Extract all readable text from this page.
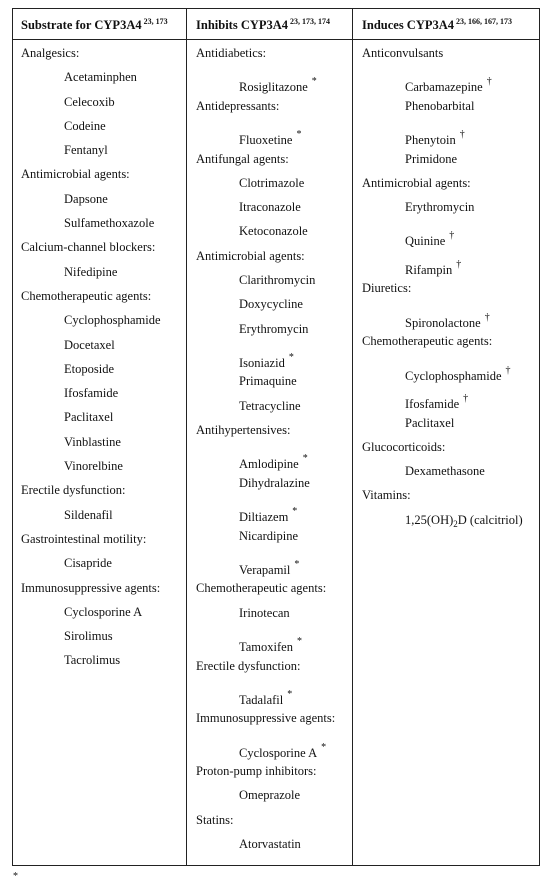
Substrate for CYP3A4 $^{23, 173}$ Inhibits CYP3A4 $^{23, 173, 174}$	Induces CYP3A4 $^{23, 166, 167, 173}$
Analgesics:
Acetaminphen
Celecoxib
Codeine
Fentanyl
Antimicrobial agents:
Dapsone
Sulfamethoxazole
Calcium-channel blockers:
Nifedipine
Chemotherapeutic agents:
Cyclophosphamide
Docetaxel
Etoposide
Ifosfamide
Paclitaxel
Vinblastine
Vinorelbine
Erectile dysfunction:
Sildenafil
Gastrointestinal motility:
Cisapride
Immunosuppressive agents:
Cyclosporine A
Sirolimus
Tacrolimus
Antidiabetics:
Rosiglitazone *
Antidepressants:
Fluoxetine *
Antifungal agents:
Clotrimazole
Itraconazole
Ketoconazole
Antimicrobial agents:
Clarithromycin
Doxycycline
Erythromycin
Isoniazid *
Primaquine
Tetracycline
Antihypertensives:
Amlodipine *
Dihydralazine
Diltiazem *
Nicardipine
Verapamil *
Chemotherapeutic agents:
Irinotecan
Tamoxifen *
Erectile dysfunction:
Tadalafil *
Immunosuppressive agents:
Cyclosporine A *
Proton-pump inhibitors:
Omeprazole
Statins:
Atorvastatin
Anticonvulsants
Carbamazepine †
Phenobarbital
Phenytoin †
Primidone
Antimicrobial agents:
Erythromycin
Quinine †
Rifampin †
Diuretics:
Spironolactone †
Chemotherapeutic agents:
Cyclophosphamide †
Ifosfamide †
Paclitaxel
Glucocorticoids:
Dexamethasone
Vitamins:
$1,25(OH)_2D$ (calcitriol)
*
